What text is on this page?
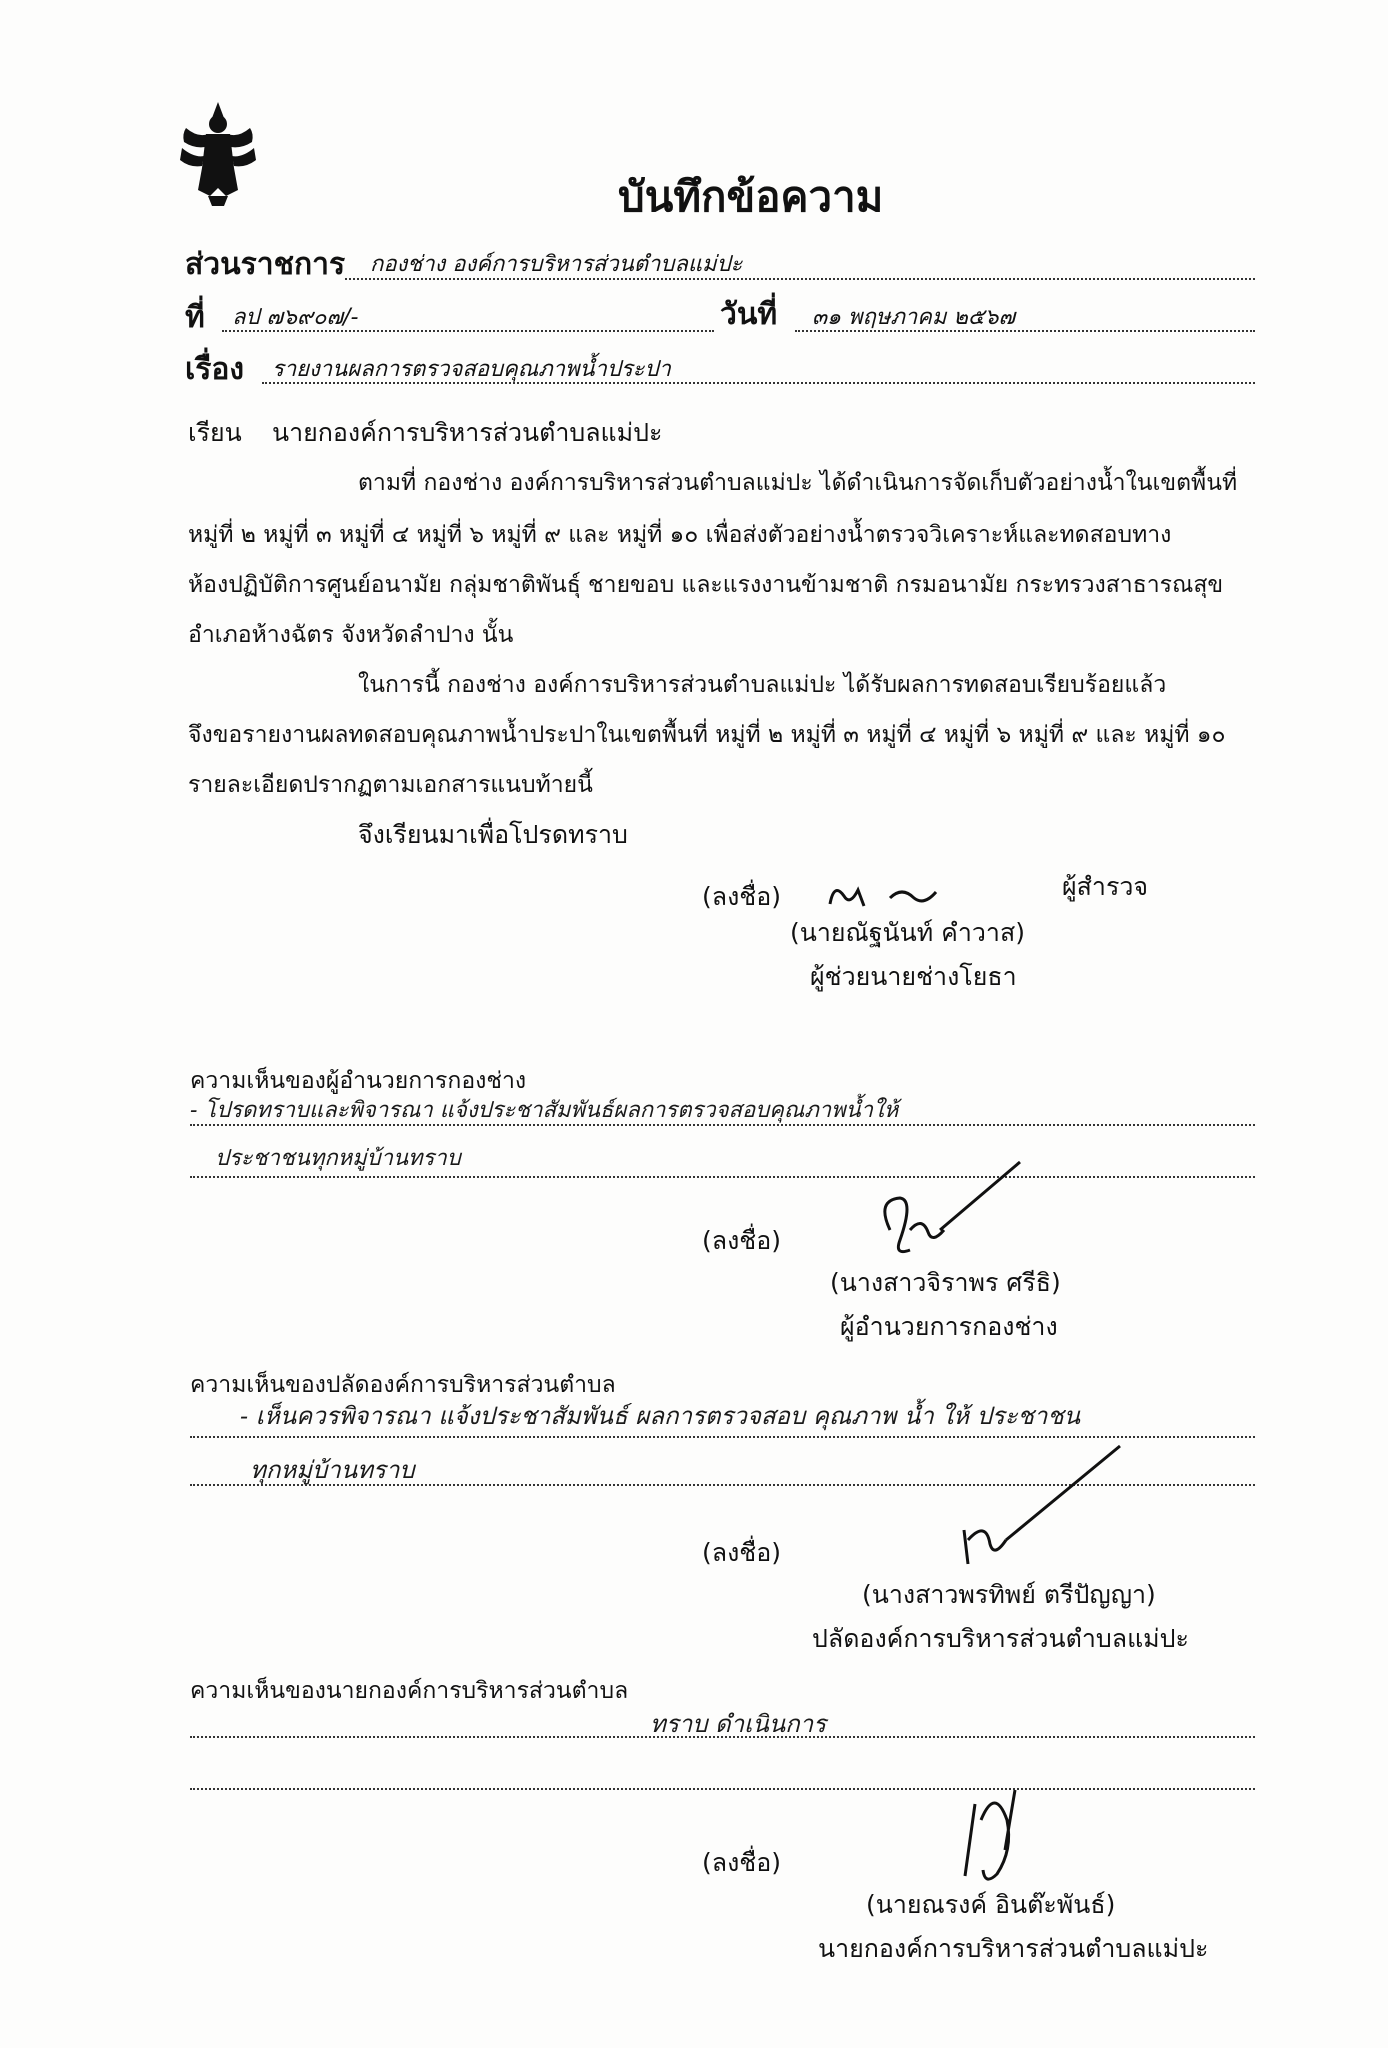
บันทึกข้อความ
ส่วนราชการ กองช่าง องค์การบริหารส่วนตำบลแม่ปะ
ที่ ลป ๗๖๙๐๗/-	วันที่ ๓๑ พฤษภาคม ๒๕๖๗
เรื่อง รายงานผลการตรวจสอบคุณภาพน้ำประปา
เรียน นายกองค์การบริหารส่วนตำบลแม่ปะ
ตามที่ กองช่าง องค์การบริหารส่วนตำบลแม่ปะ ได้ดำเนินการจัดเก็บตัวอย่างน้ำในเขตพื้นที่
หมู่ที่ ๒ หมู่ที่ ๓ หมู่ที่ ๔ หมู่ที่ ๖ หมู่ที่ ๙ และ หมู่ที่ ๑๐ เพื่อส่งตัวอย่างน้ำตรวจวิเคราะห์และทดสอบทาง
ห้องปฏิบัติการศูนย์อนามัย กลุ่มชาติพันธุ์ ชายขอบ และแรงงานข้ามชาติ กรมอนามัย กระทรวงสาธารณสุข
อำเภอห้างฉัตร จังหวัดลำปาง นั้น
ในการนี้ กองช่าง องค์การบริหารส่วนตำบลแม่ปะ ได้รับผลการทดสอบเรียบร้อยแล้ว
จึงขอรายงานผลทดสอบคุณภาพน้ำประปาในเขตพื้นที่ หมู่ที่ ๒ หมู่ที่ ๓ หมู่ที่ ๔ หมู่ที่ ๖ หมู่ที่ ๙ และ หมู่ที่ ๑๐
รายละเอียดปรากฏตามเอกสารแนบท้ายนี้
จึงเรียนมาเพื่อโปรดทราบ
(ลงชื่อ)	ผู้สำรวจ
(นายณัฐนันท์ คำวาส)
ผู้ช่วยนายช่างโยธา
ความเห็นของผู้อำนวยการกองช่าง
- โปรดทราบและพิจารณา แจ้งประชาสัมพันธ์ผลการตรวจสอบคุณภาพน้ำให้
ประชาชนทุกหมู่บ้านทราบ
(ลงชื่อ)
(นางสาวจิราพร ศรีธิ)
ผู้อำนวยการกองช่าง
ความเห็นของปลัดองค์การบริหารส่วนตำบล
- เห็นควรพิจารณา แจ้งประชาสัมพันธ์ ผลการตรวจสอบ คุณภาพ น้ำ ให้ ประชาชน
ทุกหมู่บ้านทราบ
(ลงชื่อ)
(นางสาวพรทิพย์ ตรีปัญญา)
ปลัดองค์การบริหารส่วนตำบลแม่ปะ
ความเห็นของนายกองค์การบริหารส่วนตำบล
ทราบ ดำเนินการ
(ลงชื่อ)
(นายณรงค์ อินต๊ะพันธ์)
นายกองค์การบริหารส่วนตำบลแม่ปะ
